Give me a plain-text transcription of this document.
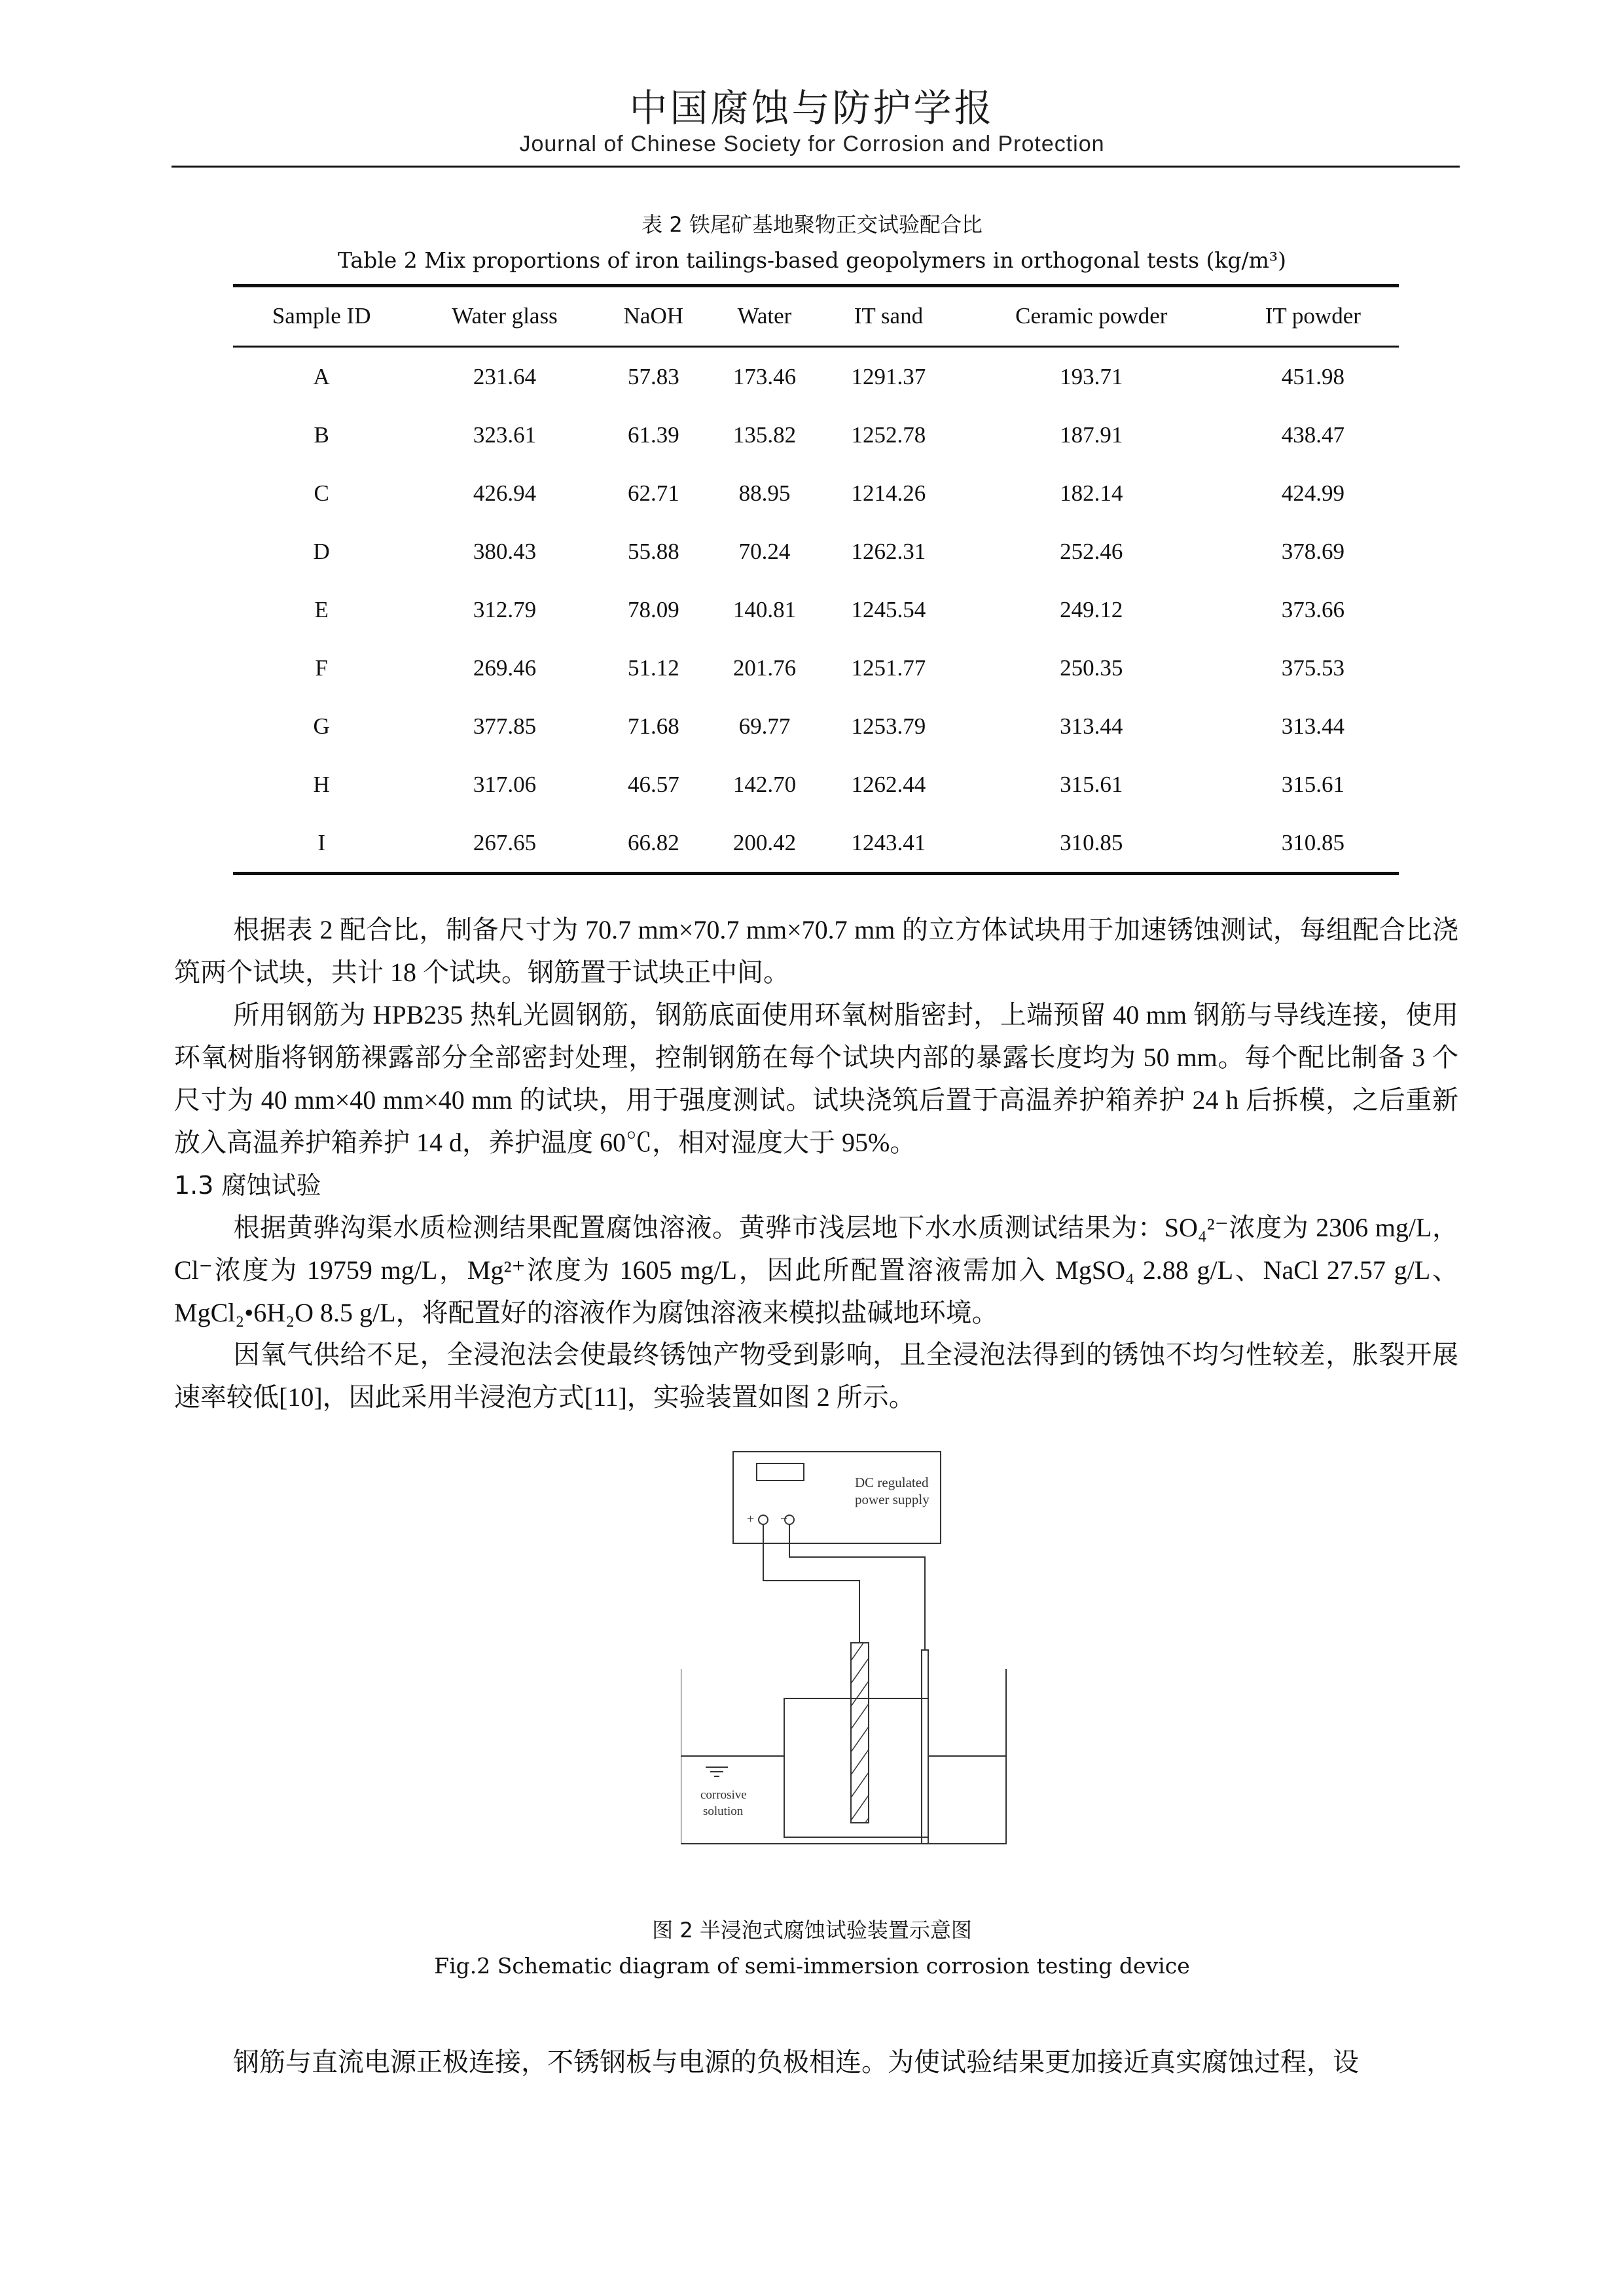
中国腐蚀与防护学报
Journal of Chinese Society for Corrosion and Protection
表 2 铁尾矿基地聚物正交试验配合比
Table 2 Mix proportions of iron tailings-based geopolymers in orthogonal tests (kg/m³)
Sample ID	Water glass	NaOH	Water	IT sand	Ceramic powder	IT powder
A	231.64	57.83	173.46	1291.37	193.71	451.98
B	323.61	61.39	135.82	1252.78	187.91	438.47
C	426.94	62.71	88.95	1214.26	182.14	424.99
D	380.43	55.88	70.24	1262.31	252.46	378.69
E	312.79	78.09	140.81	1245.54	249.12	373.66
F	269.46	51.12	201.76	1251.77	250.35	375.53
G	377.85	71.68	69.77	1253.79	313.44	313.44
H	317.06	46.57	142.70	1262.44	315.61	315.61
I	267.65	66.82	200.42	1243.41	310.85	310.85
根据表 2 配合比，制备尺寸为 70.7 mm×70.7 mm×70.7 mm 的立方体试块用于加速锈蚀测试，每组配合比浇筑两个试块，共计 18 个试块。钢筋置于试块正中间。
所用钢筋为 HPB235 热轧光圆钢筋，钢筋底面使用环氧树脂密封，上端预留 40 mm 钢筋与导线连接，使用环氧树脂将钢筋裸露部分全部密封处理，控制钢筋在每个试块内部的暴露长度均为 50 mm。每个配比制备 3 个尺寸为 40 mm×40 mm×40 mm 的试块，用于强度测试。试块浇筑后置于高温养护箱养护 24 h 后拆模，之后重新放入高温养护箱养护 14 d，养护温度 60℃，相对湿度大于 95%。
1.3 腐蚀试验
根据黄骅沟渠水质检测结果配置腐蚀溶液。黄骅市浅层地下水水质测试结果为：SO₄²⁻浓度为 2306 mg/L，Cl⁻浓度为 19759 mg/L，Mg²⁺浓度为 1605 mg/L，因此所配置溶液需加入 MgSO₄ 2.88 g/L、NaCl 27.57 g/L、MgCl₂•6H₂O 8.5 g/L，将配置好的溶液作为腐蚀溶液来模拟盐碱地环境。
因氧气供给不足，全浸泡法会使最终锈蚀产物受到影响，且全浸泡法得到的锈蚀不均匀性较差，胀裂开展速率较低[10]，因此采用半浸泡方式[11]，实验装置如图 2 所示。
DC regulated
power supply
+ −
corrosive
solution
图 2 半浸泡式腐蚀试验装置示意图
Fig.2 Schematic diagram of semi-immersion corrosion testing device
钢筋与直流电源正极连接，不锈钢板与电源的负极相连。为使试验结果更加接近真实腐蚀过程，设
